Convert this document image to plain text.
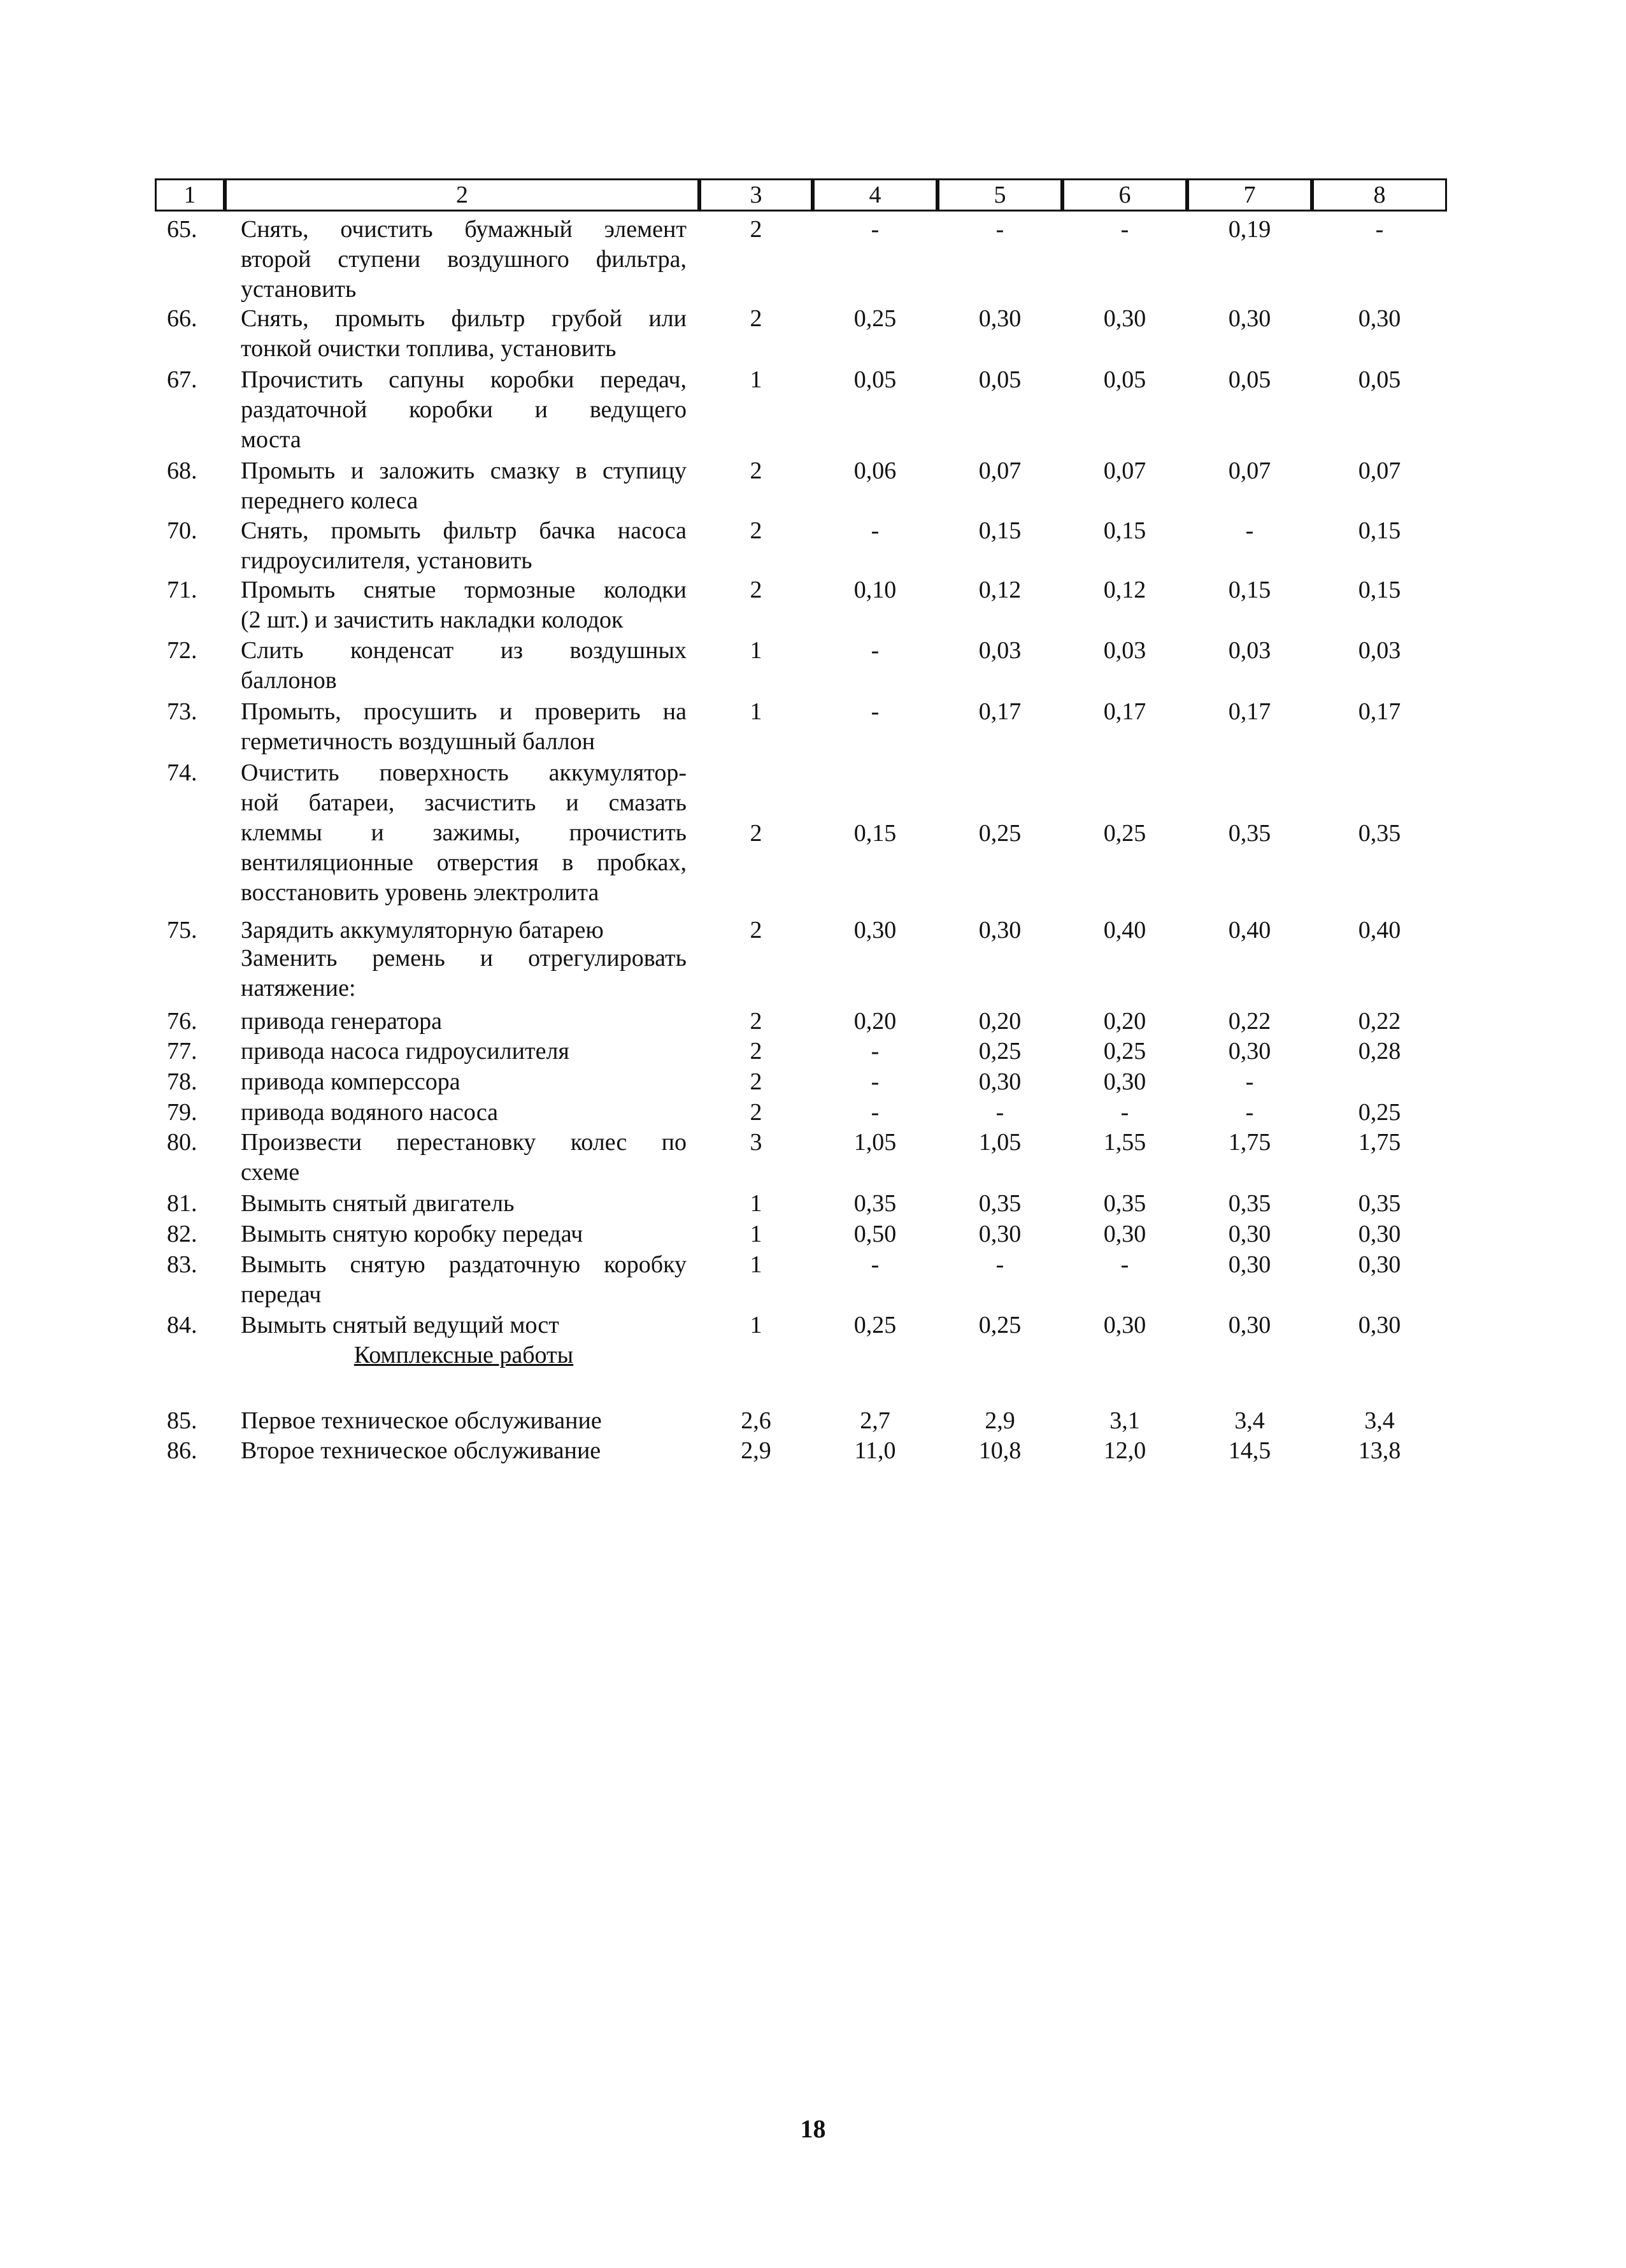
1	2	3	4	5	6	7	8
65.	Снять, очистить бумажный элемент
второй ступени воздушного фильтра,
установить
2	-	-	-	0,19	-
66.	Снять, промыть фильтр грубой или
тонкой очистки топлива, установить
2	0,25	0,30	0,30	0,30	0,30
67.	Прочистить сапуны коробки передач,
раздаточной коробки и ведущего
моста
1	0,05	0,05	0,05	0,05	0,05
68.	Промыть и заложить смазку в ступицу
переднего колеса
2	0,06	0,07	0,07	0,07	0,07
70.	Снять, промыть фильтр бачка насоса
гидроусилителя, установить
2	-	0,15	0,15	-	0,15
71.	Промыть снятые тормозные колодки
(2 шт.) и зачистить накладки колодок
2	0,10	0,12	0,12	0,15	0,15
72.	Слить конденсат из воздушных
баллонов
1	-	0,03	0,03	0,03	0,03
73.	Промыть, просушить и проверить на
герметичность воздушный баллон
1	-	0,17	0,17	0,17	0,17
74.	Очистить поверхность аккумулятор-
ной батареи, засчистить и смазать
клеммы и зажимы, прочистить
вентиляционные отверстия в пробках,
восстановить уровень электролита
2	0,15	0,25	0,25	0,35	0,35
75.	Зарядить аккумуляторную батарею	2	0,30	0,30	0,40	0,40	0,40
Заменить ремень и отрегулировать
натяжение:
76.	привода генератора	2	0,20	0,20	0,20	0,22	0,22
77.	привода насоса гидроусилителя	2	-	0,25	0,25	0,30	0,28
78.	привода комперссора	2	-	0,30	0,30	-
79.	привода водяного насоса	2	-	-	-	-	0,25
80.	Произвести перестановку колес по
схеме
3	1,05	1,05	1,55	1,75	1,75
81.	Вымыть снятый двигатель	1	0,35	0,35	0,35	0,35	0,35
82.	Вымыть снятую коробку передач	1	0,50	0,30	0,30	0,30	0,30
83.	Вымыть снятую раздаточную коробку
передач
1	-	-	-	0,30	0,30
84.	Вымыть снятый ведущий мост	1	0,25	0,25	0,30	0,30	0,30
85.	Первое техническое обслуживание	2,6	2,7	2,9	3,1	3,4	3,4
86.	Второе техническое обслуживание	2,9	11,0	10,8	12,0	14,5	13,8
Комплексные работы
18
